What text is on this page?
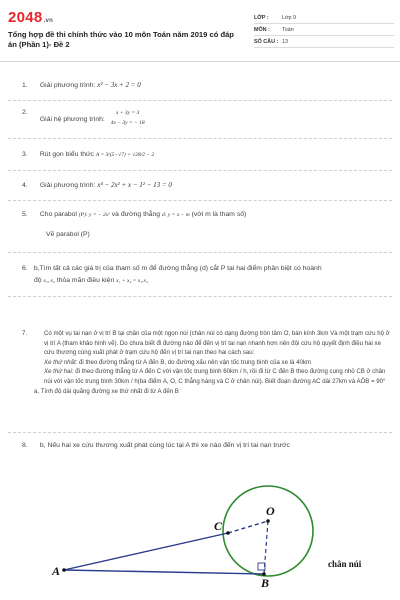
2048.vn
Tổng hợp đề thi chính thức vào 10 môn Toán năm 2019 có đáp án (Phần 1)- Đề 2
LỚP :	Lớp 9
MÔN :	Toán
SỐ CÂU : 13
1. Giải phương trình: x² − 3x + 2 = 0
2. Giải hệ phương trình:
x + 3y = 3
4x − 3y = − 18
3. Rút gọn biểu thức A = 3/(5−√7) + √28/2 − 2
4. Giải phương trình: x⁴ − 2x² + x − 1² − 13 = 0
5. Cho parabol (P): y = − 2x² và đường thẳng d: y = x − m (với m là tham số)
Vẽ parabol (P)
6. b,Tìm tất cả các giá trị của tham số m để đường thẳng (d) cắt P tại hai điểm phân biệt có hoành
độ x₁, x₂ thỏa mãn điều kiện x₁ + x₂ = x₁.x₂
7.	Có một vụ tai nạn ở vị trí B tại chân của một ngọn núi (chân núi có dạng đường tròn tâm O, bán kính 3km Và một trạm cứu hộ ở vị trí A (tham khảo hình vẽ). Do chưa biết đi đường nào để đến vị trí tai nạn nhanh hơn nên đội cứu hộ quyết định điều hai xe cứu thương cùng xuất phát ở trạm cứu hộ đến vị trí tai nạn theo hai cách sau:
Xe thứ nhất: đi theo đường thẳng từ A đến B, do đường xấu nên vận tốc trung bình của xe là 40km
Xe thứ hai: đi theo đường thẳng từ A đến C với vận tốc trung bình 60km / h, rồi đi từ C đến B theo đường cung nhỏ CB ở chân núi với vận tốc trung bình 30km / h(ba điểm A, O, C thẳng hàng và C ở chân núi). Biết đoạn đường AC dài 27km và AÔB = 90°
a, Tính độ dài quãng đường xe thứ nhất đi từ A đến B
8. b, Nếu hai xe cứu thương xuất phát cùng lúc tại A thì xe nào đến vị trí tai nạn trước
A
B
C
O
chân núi
